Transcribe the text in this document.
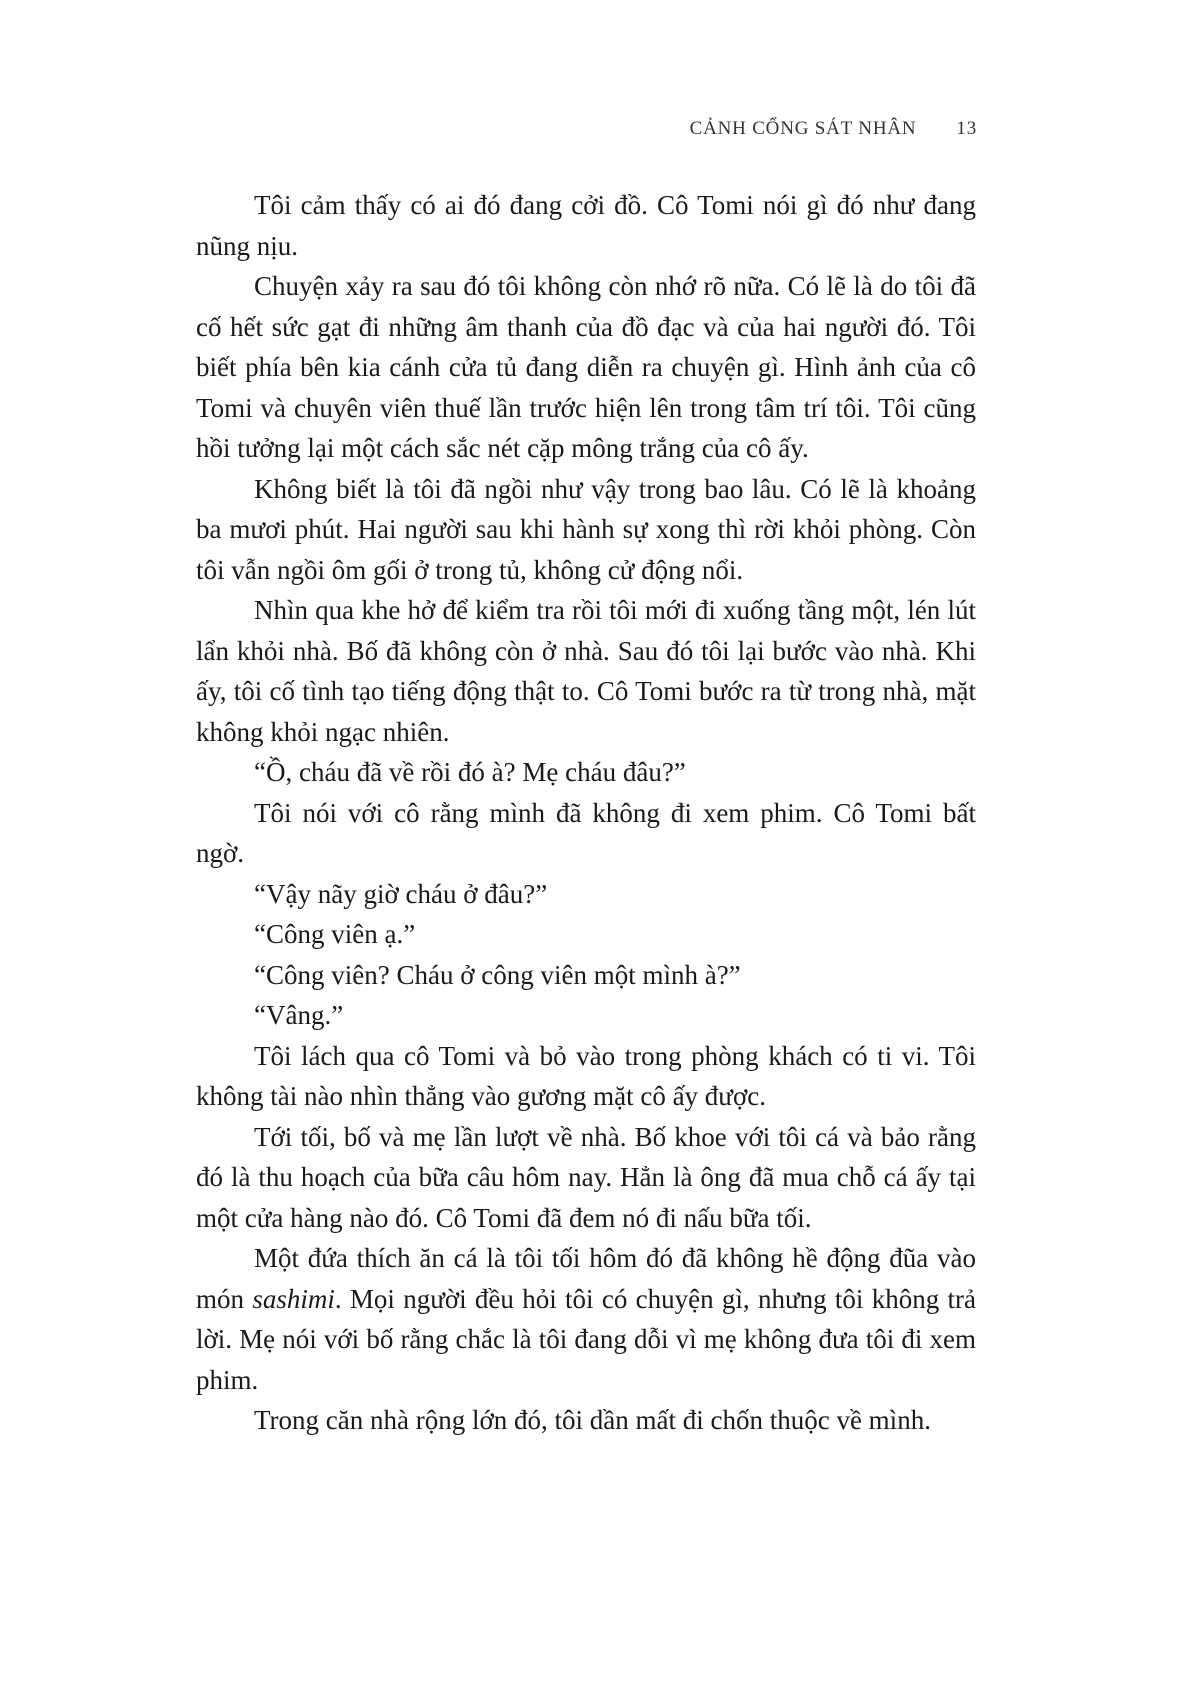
CẢNH CỔNG SÁT NHÂN 13

Tôi cảm thấy có ai đó đang cởi đồ. Cô Tomi nói gì đó như đang nũng nịu.

Chuyện xảy ra sau đó tôi không còn nhớ rõ nữa. Có lẽ là do tôi đã cố hết sức gạt đi những âm thanh của đồ đạc và của hai người đó. Tôi biết phía bên kia cánh cửa tủ đang diễn ra chuyện gì. Hình ảnh của cô Tomi và chuyên viên thuế lần trước hiện lên trong tâm trí tôi. Tôi cũng hồi tưởng lại một cách sắc nét cặp mông trắng của cô ấy.

Không biết là tôi đã ngồi như vậy trong bao lâu. Có lẽ là khoảng ba mươi phút. Hai người sau khi hành sự xong thì rời khỏi phòng. Còn tôi vẫn ngồi ôm gối ở trong tủ, không cử động nổi.

Nhìn qua khe hở để kiểm tra rồi tôi mới đi xuống tầng một, lén lút lẩn khỏi nhà. Bố đã không còn ở nhà. Sau đó tôi lại bước vào nhà. Khi ấy, tôi cố tình tạo tiếng động thật to. Cô Tomi bước ra từ trong nhà, mặt không khỏi ngạc nhiên.

“Ồ, cháu đã về rồi đó à? Mẹ cháu đâu?”

Tôi nói với cô rằng mình đã không đi xem phim. Cô Tomi bất ngờ.

“Vậy nãy giờ cháu ở đâu?”

“Công viên ạ.”

“Công viên? Cháu ở công viên một mình à?”

“Vâng.”

Tôi lách qua cô Tomi và bỏ vào trong phòng khách có ti vi. Tôi không tài nào nhìn thẳng vào gương mặt cô ấy được.

Tới tối, bố và mẹ lần lượt về nhà. Bố khoe với tôi cá và bảo rằng đó là thu hoạch của bữa câu hôm nay. Hẳn là ông đã mua chỗ cá ấy tại một cửa hàng nào đó. Cô Tomi đã đem nó đi nấu bữa tối.

Một đứa thích ăn cá là tôi tối hôm đó đã không hề động đũa vào món sashimi. Mọi người đều hỏi tôi có chuyện gì, nhưng tôi không trả lời. Mẹ nói với bố rằng chắc là tôi đang dỗi vì mẹ không đưa tôi đi xem phim.

Trong căn nhà rộng lớn đó, tôi dần mất đi chốn thuộc về mình.
